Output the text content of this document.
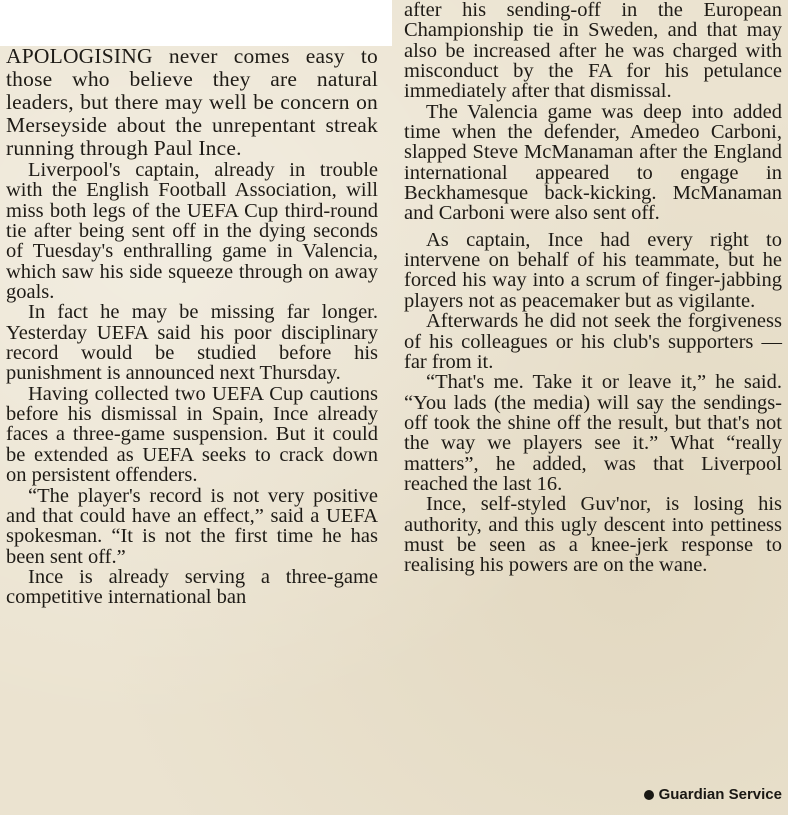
APOLOGISING never comes easy to those who believe they are natural leaders, but there may well be concern on Merseyside about the unrepentant streak running through Paul Ince.

Liverpool's captain, already in trouble with the English Football Association, will miss both legs of the UEFA Cup third-round tie after being sent off in the dying seconds of Tuesday's enthralling game in Valencia, which saw his side squeeze through on away goals.

In fact he may be missing far longer. Yesterday UEFA said his poor disciplinary record would be studied before his punishment is announced next Thursday.

Having collected two UEFA Cup cautions before his dismissal in Spain, Ince already faces a three-game suspension. But it could be extended as UEFA seeks to crack down on persistent offenders.

“The player's record is not very positive and that could have an effect,” said a UEFA spokesman. “It is not the first time he has been sent off.”

Ince is already serving a three-game competitive international ban

after his sending-off in the European Championship tie in Sweden, and that may also be increased after he was charged with misconduct by the FA for his petulance immediately after that dismissal.

The Valencia game was deep into added time when the defender, Amedeo Carboni, slapped Steve McManaman after the England international appeared to engage in Beckhamesque back-kicking. McManaman and Carboni were also sent off.

As captain, Ince had every right to intervene on behalf of his teammate, but he forced his way into a scrum of finger-jabbing players not as peacemaker but as vigilante.

Afterwards he did not seek the forgiveness of his colleagues or his club's supporters — far from it.

“That's me. Take it or leave it,” he said. “You lads (the media) will say the sendings-off took the shine off the result, but that's not the way we players see it.” What “really matters”, he added, was that Liverpool reached the last 16.

Ince, self-styled Guv'nor, is losing his authority, and this ugly descent into pettiness must be seen as a knee-jerk response to realising his powers are on the wane.

Guardian Service
